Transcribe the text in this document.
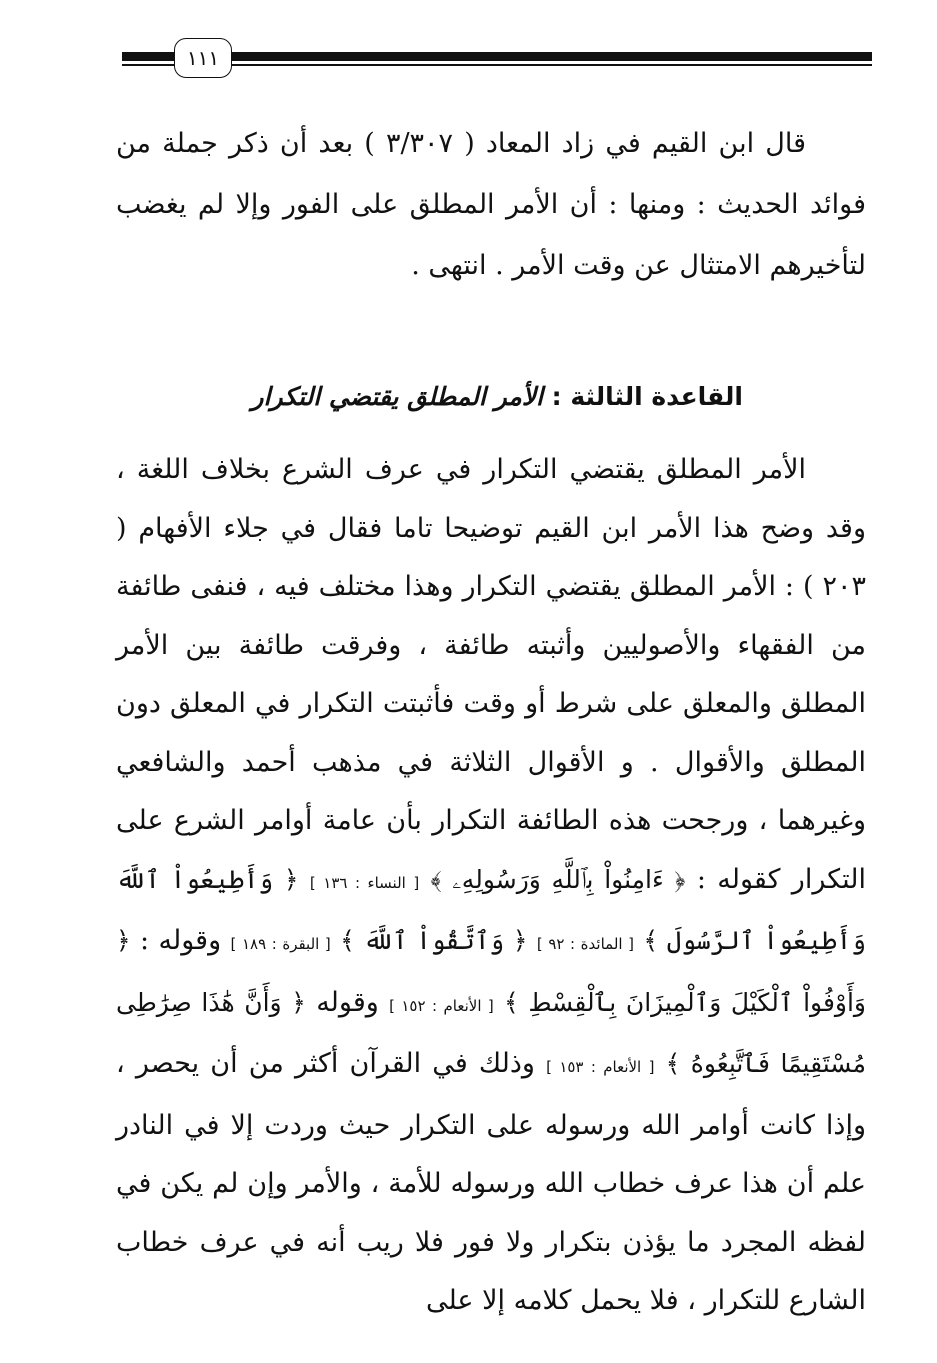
١١١

قال ابن القيم في زاد المعاد ( ٣/٣٠٧ ) بعد أن ذكر جملة من فوائد الحديث : ومنها : أن الأمر المطلق على الفور وإلا لم يغضب لتأخيرهم الامتثال عن وقت الأمر . انتهى .

القاعدة الثالثة : الأمر المطلق يقتضي التكرار

الأمر المطلق يقتضي التكرار في عرف الشرع بخلاف اللغة ، وقد وضح هذا الأمر ابن القيم توضيحا تاما فقال في جلاء الأفهام ( ٢٠٣ ) : الأمر المطلق يقتضي التكرار وهذا مختلف فيه ، فنفى طائفة من الفقهاء والأصوليين وأثبته طائفة ، وفرقت طائفة بين الأمر المطلق والمعلق على شرط أو وقت فأثبتت التكرار في المعلق دون المطلق والأقوال . و الأقوال الثلاثة في مذهب أحمد والشافعي وغيرهما ، ورجحت هذه الطائفة التكرار بأن عامة أوامر الشرع على التكرار كقوله : ﴿ ءَامِنُواْ بِٱللَّهِ وَرَسُولِهِۦ ﴾ [ النساء : ١٣٦ ] ﴿ وَأَطِيعُواْ ٱللَّهَ وَأَطِيعُواْ ٱلرَّسُولَ ﴾ [ المائدة : ٩٢ ] ﴿ وَٱتَّقُواْ ٱللَّهَ ﴾ [ البقرة : ١٨٩ ] وقوله : ﴿ وَأَوْفُواْ ٱلْكَيْلَ وَٱلْمِيزَانَ بِٱلْقِسْطِ ﴾ [ الأنعام : ١٥٢ ] وقوله ﴿ وَأَنَّ هَٰذَا صِرَٰطِى مُسْتَقِيمًا فَٱتَّبِعُوهُ ﴾ [ الأنعام : ١٥٣ ] وذلك في القرآن أكثر من أن يحصر ، وإذا كانت أوامر الله ورسوله على التكرار حيث وردت إلا في النادر علم أن هذا عرف خطاب الله ورسوله للأمة ، والأمر وإن لم يكن في لفظه المجرد ما يؤذن بتكرار ولا فور فلا ريب أنه في عرف خطاب الشارع للتكرار ، فلا يحمل كلامه إلا على
